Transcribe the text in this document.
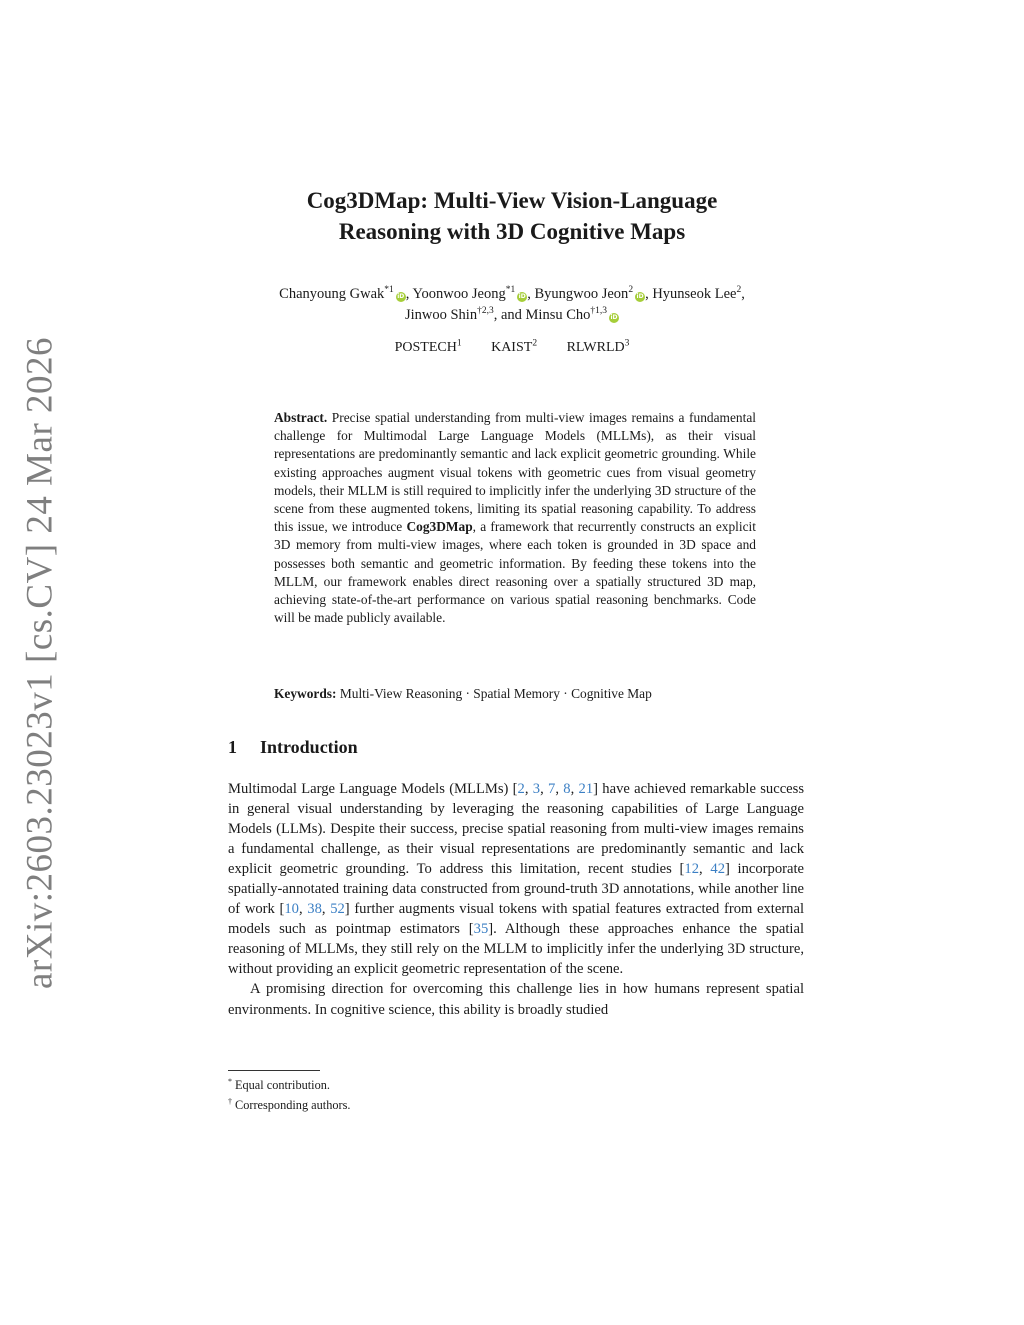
arXiv:2603.23023v1 [cs.CV] 24 Mar 2026
Cog3DMap: Multi-View Vision-Language
Reasoning with 3D Cognitive Maps
Chanyoung Gwak$^{*1}$iD, Yoonwoo Jeong$^{*1}$iD, Byungwoo Jeon$^2$iD, Hyunseok Lee$^2$,
Jinwoo Shin$^{\dagger 2,3}$, and Minsu Cho$^{\dagger 1,3}$iD
POSTECH$^1$ KAIST$^2$ RLWRLD$^3$
Abstract. Precise spatial understanding from multi-view images remains a fundamental challenge for Multimodal Large Language Models (MLLMs), as their visual representations are predominantly semantic and lack explicit geometric grounding. While existing approaches augment visual tokens with geometric cues from visual geometry models, their MLLM is still required to implicitly infer the underlying 3D structure of the scene from these augmented tokens, limiting its spatial reasoning capability. To address this issue, we introduce Cog3DMap, a framework that recurrently constructs an explicit 3D memory from multi-view images, where each token is grounded in 3D space and possesses both semantic and geometric information. By feeding these tokens into the MLLM, our framework enables direct reasoning over a spatially structured 3D map, achieving state-of-the-art performance on various spatial reasoning benchmarks. Code will be made publicly available.
Keywords: Multi-View Reasoning · Spatial Memory · Cognitive Map
1 Introduction

Multimodal Large Language Models (MLLMs) [2, 3, 7, 8, 21] have achieved remarkable success in general visual understanding by leveraging the reasoning capabilities of Large Language Models (LLMs). Despite their success, precise spatial reasoning from multi-view images remains a fundamental challenge, as their visual representations are predominantly semantic and lack explicit geometric grounding. To address this limitation, recent studies [12, 42] incorporate spatially-annotated training data constructed from ground-truth 3D annotations, while another line of work [10, 38, 52] further augments visual tokens with spatial features extracted from external models such as pointmap estimators [35]. Although these approaches enhance the spatial reasoning of MLLMs, they still rely on the MLLM to implicitly infer the underlying 3D structure, without providing an explicit geometric representation of the scene.

A promising direction for overcoming this challenge lies in how humans represent spatial environments. In cognitive science, this ability is broadly studied

* Equal contribution.
† Corresponding authors.
